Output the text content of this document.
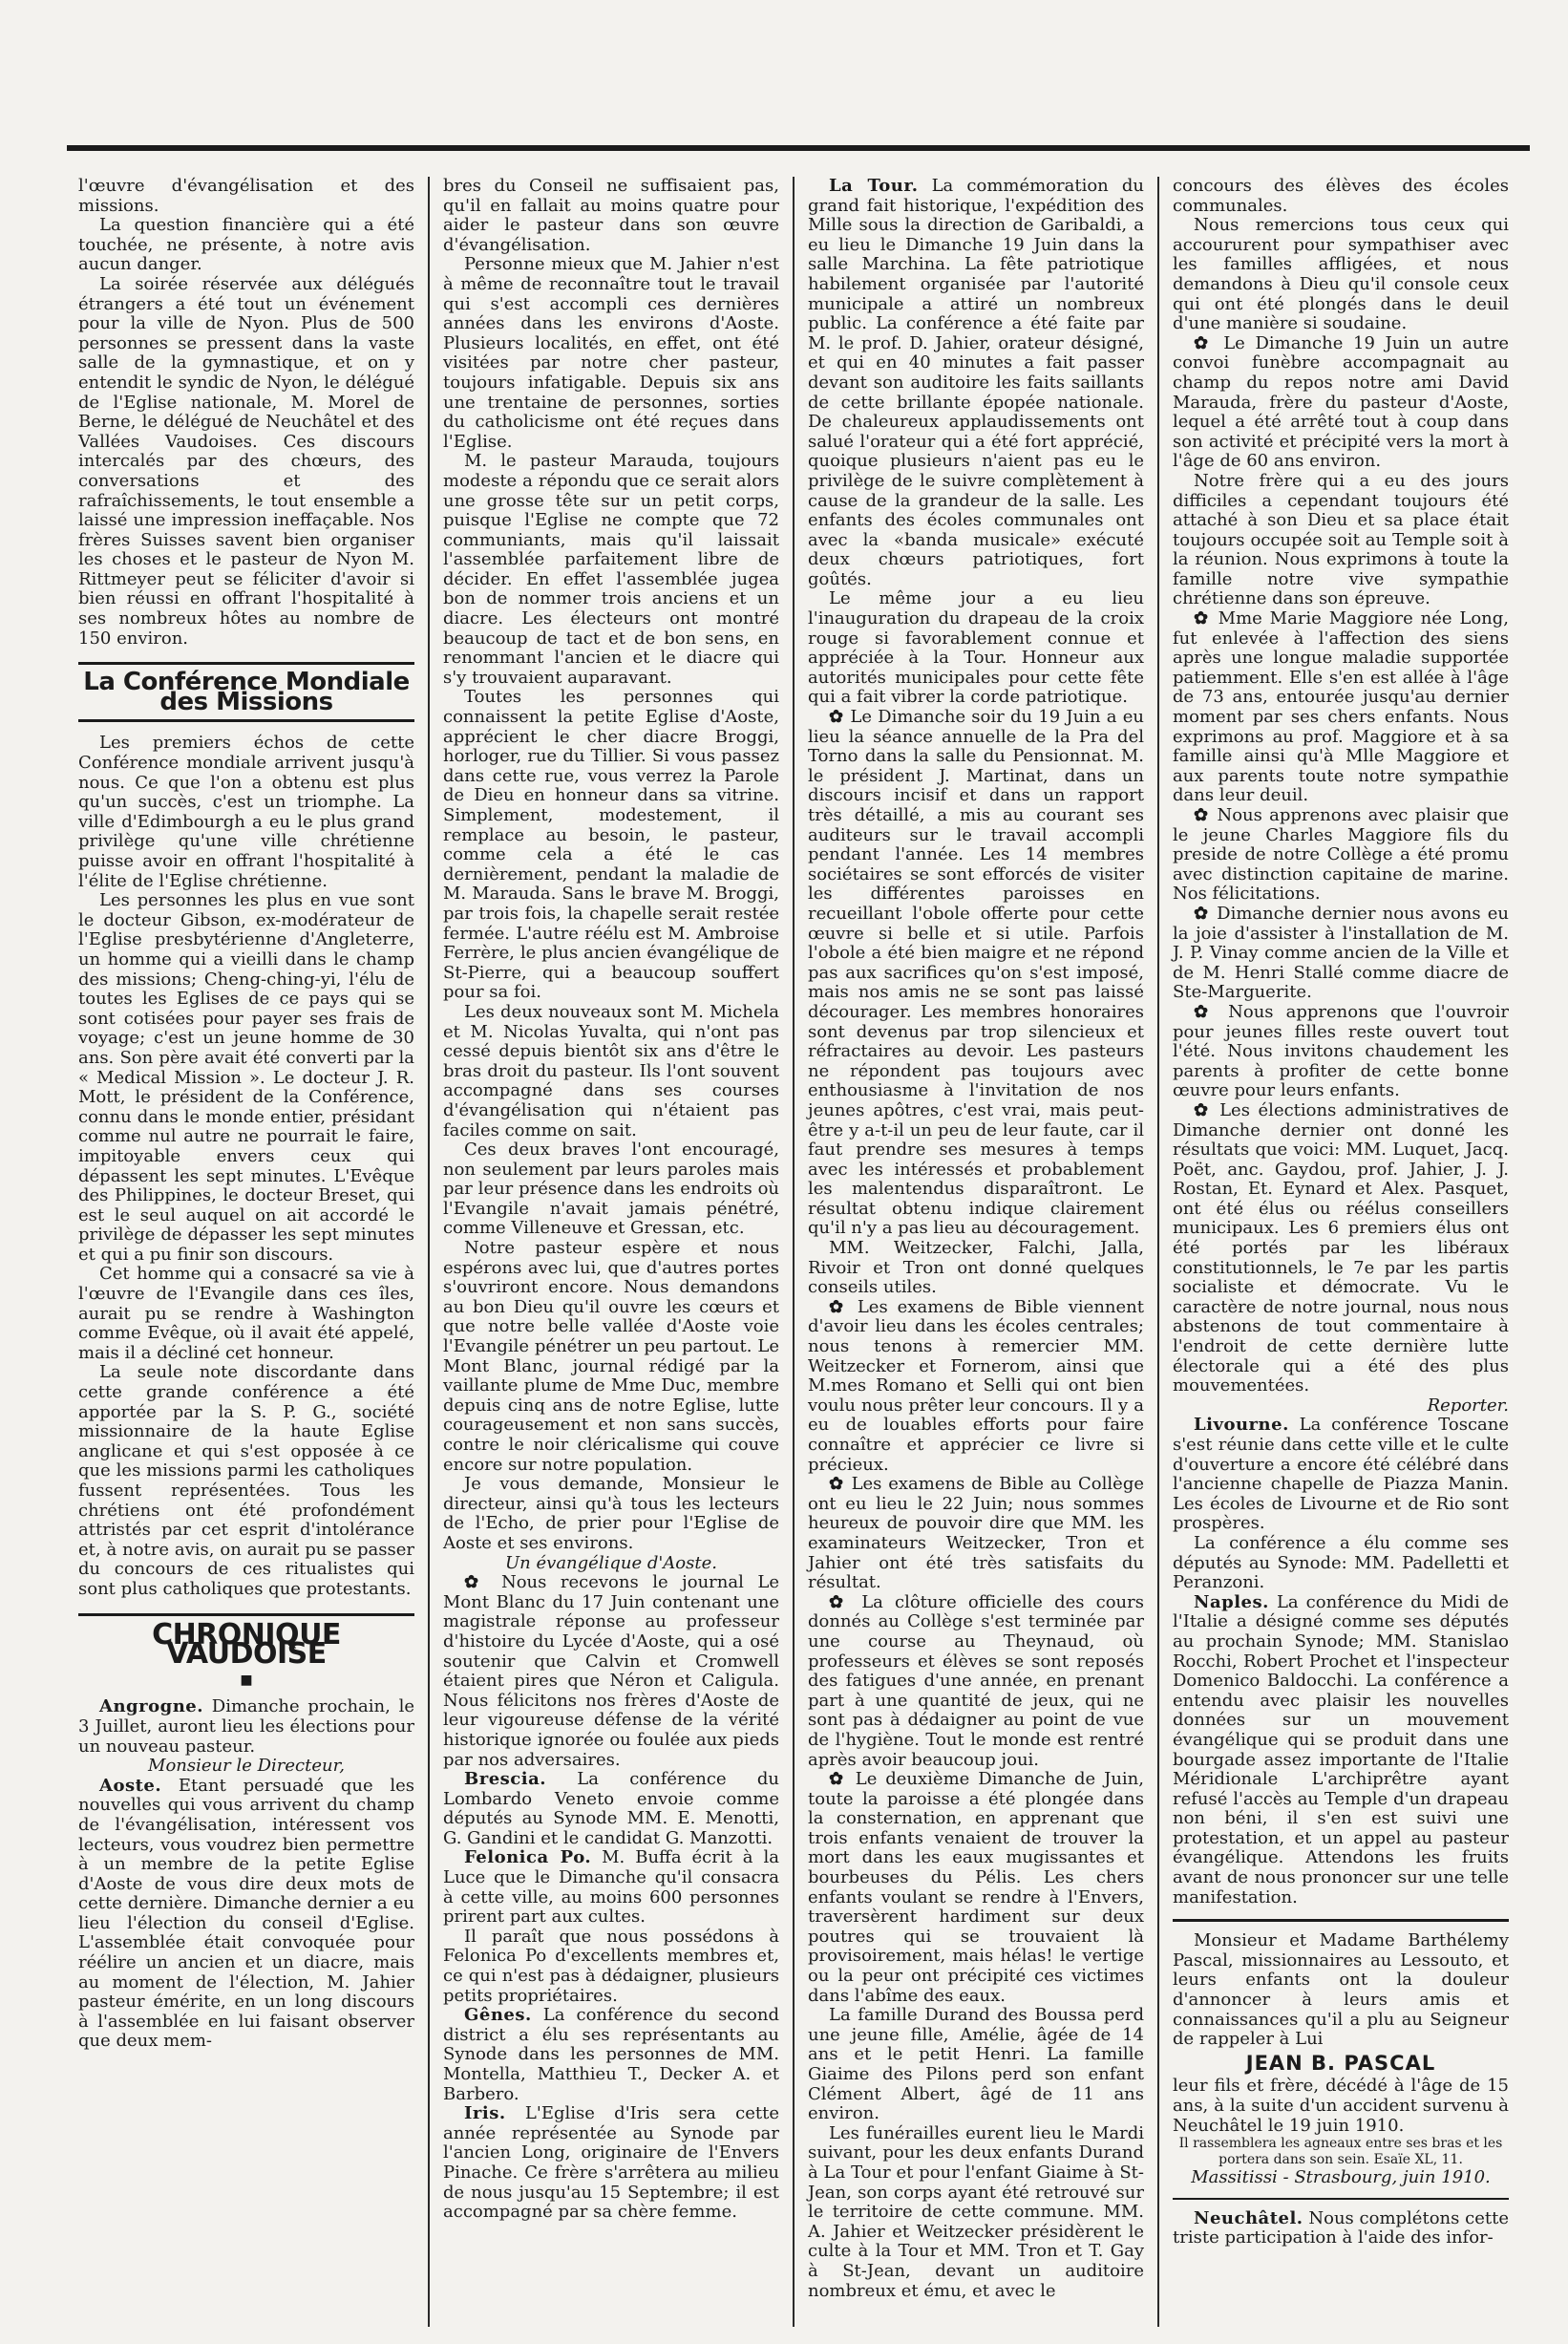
l'œuvre d'évangélisation et des missions.

La question financière qui a été touchée, ne présente, à notre avis aucun danger.

La soirée réservée aux délégués étrangers a été tout un événement pour la ville de Nyon. Plus de 500 personnes se pressent dans la vaste salle de la gymnastique, et on y entendit le syndic de Nyon, le délégué de l'Eglise nationale, M. Morel de Berne, le délégué de Neuchâtel et des Vallées Vaudoises. Ces discours intercalés par des chœurs, des conversations et des rafraîchissements, le tout ensemble a laissé une impression ineffaçable. Nos frères Suisses savent bien organiser les choses et le pasteur de Nyon M. Rittmeyer peut se féliciter d'avoir si bien réussi en offrant l'hospitalité à ses nombreux hôtes au nombre de 150 environ.

La Conférence Mondiale des Missions

Les premiers échos de cette Conférence mondiale arrivent jusqu'à nous. Ce que l'on a obtenu est plus qu'un succès, c'est un triomphe. La ville d'Edimbourgh a eu le plus grand privilège qu'une ville chrétienne puisse avoir en offrant l'hospitalité à l'élite de l'Eglise chrétienne.

Les personnes les plus en vue sont le docteur Gibson, ex-modérateur de l'Eglise presbytérienne d'Angleterre, un homme qui a vieilli dans le champ des missions; Cheng-ching-yi, l'élu de toutes les Eglises de ce pays qui se sont cotisées pour payer ses frais de voyage; c'est un jeune homme de 30 ans. Son père avait été converti par la « Medical Mission ». Le docteur J. R. Mott, le président de la Conférence, connu dans le monde entier, présidant comme nul autre ne pourrait le faire, impitoyable envers ceux qui dépassent les sept minutes. L'Evêque des Philippines, le docteur Breset, qui est le seul auquel on ait accordé le privilège de dépasser les sept minutes et qui a pu finir son discours.

Cet homme qui a consacré sa vie à l'œuvre de l'Evangile dans ces îles, aurait pu se rendre à Washington comme Evêque, où il avait été appelé, mais il a décliné cet honneur.

La seule note discordante dans cette grande conférence a été apportée par la S. P. G., société missionnaire de la haute Eglise anglicane et qui s'est opposée à ce que les missions parmi les catholiques fussent représentées. Tous les chrétiens ont été profondément attristés par cet esprit d'intolérance et, à notre avis, on aurait pu se passer du concours de ces ritualistes qui sont plus catholiques que protestants.

CHRONIQUE VAUDOISE
■

Angrogne. Dimanche prochain, le 3 Juillet, auront lieu les élections pour un nouveau pasteur.

Monsieur le Directeur,

Aoste. Etant persuadé que les nouvelles qui vous arrivent du champ de l'évangélisation, intéressent vos lecteurs, vous voudrez bien permettre à un membre de la petite Eglise d'Aoste de vous dire deux mots de cette dernière. Dimanche dernier a eu lieu l'élection du conseil d'Eglise. L'assemblée était convoquée pour réélire un ancien et un diacre, mais au moment de l'élection, M. Jahier pasteur émérite, en un long discours à l'assemblée en lui faisant observer que deux mem-

bres du Conseil ne suffisaient pas, qu'il en fallait au moins quatre pour aider le pasteur dans son œuvre d'évangélisation.

Personne mieux que M. Jahier n'est à même de reconnaître tout le travail qui s'est accompli ces dernières années dans les environs d'Aoste. Plusieurs localités, en effet, ont été visitées par notre cher pasteur, toujours infatigable. Depuis six ans une trentaine de personnes, sorties du catholicisme ont été reçues dans l'Eglise.

M. le pasteur Marauda, toujours modeste a répondu que ce serait alors une grosse tête sur un petit corps, puisque l'Eglise ne compte que 72 communiants, mais qu'il laissait l'assemblée parfaitement libre de décider. En effet l'assemblée jugea bon de nommer trois anciens et un diacre. Les électeurs ont montré beaucoup de tact et de bon sens, en renommant l'ancien et le diacre qui s'y trouvaient auparavant.

Toutes les personnes qui connaissent la petite Eglise d'Aoste, apprécient le cher diacre Broggi, horloger, rue du Tillier. Si vous passez dans cette rue, vous verrez la Parole de Dieu en honneur dans sa vitrine. Simplement, modestement, il remplace au besoin, le pasteur, comme cela a été le cas dernièrement, pendant la maladie de M. Marauda. Sans le brave M. Broggi, par trois fois, la chapelle serait restée fermée. L'autre réélu est M. Ambroise Ferrère, le plus ancien évangélique de St-Pierre, qui a beaucoup souffert pour sa foi.

Les deux nouveaux sont M. Michela et M. Nicolas Yuvalta, qui n'ont pas cessé depuis bientôt six ans d'être le bras droit du pasteur. Ils l'ont souvent accompagné dans ses courses d'évangélisation qui n'étaient pas faciles comme on sait.

Ces deux braves l'ont encouragé, non seulement par leurs paroles mais par leur présence dans les endroits où l'Evangile n'avait jamais pénétré, comme Villeneuve et Gressan, etc.

Notre pasteur espère et nous espérons avec lui, que d'autres portes s'ouvriront encore. Nous demandons au bon Dieu qu'il ouvre les cœurs et que notre belle vallée d'Aoste voie l'Evangile pénétrer un peu partout. Le Mont Blanc, journal rédigé par la vaillante plume de Mme Duc, membre depuis cinq ans de notre Eglise, lutte courageusement et non sans succès, contre le noir cléricalisme qui couve encore sur notre population.

Je vous demande, Monsieur le directeur, ainsi qu'à tous les lecteurs de l'Echo, de prier pour l'Eglise de Aoste et ses environs.

Un évangélique d'Aoste.

✿ Nous recevons le journal Le Mont Blanc du 17 Juin contenant une magistrale réponse au professeur d'histoire du Lycée d'Aoste, qui a osé soutenir que Calvin et Cromwell étaient pires que Néron et Caligula. Nous félicitons nos frères d'Aoste de leur vigoureuse défense de la vérité historique ignorée ou foulée aux pieds par nos adversaires.

Brescia. La conférence du Lombardo Veneto envoie comme députés au Synode MM. E. Menotti, G. Gandini et le candidat G. Manzotti.

Felonica Po. M. Buffa écrit à la Luce que le Dimanche qu'il consacra à cette ville, au moins 600 personnes prirent part aux cultes.

Il paraît que nous possédons à Felonica Po d'excellents membres et, ce qui n'est pas à dédaigner, plusieurs petits propriétaires.

Gênes. La conférence du second district a élu ses représentants au Synode dans les personnes de MM. Montella, Matthieu T., Decker A. et Barbero.

Iris. L'Eglise d'Iris sera cette année représentée au Synode par l'ancien Long, originaire de l'Envers Pinache. Ce frère s'arrêtera au milieu de nous jusqu'au 15 Septembre; il est accompagné par sa chère femme.

La Tour. La commémoration du grand fait historique, l'expédition des Mille sous la direction de Garibaldi, a eu lieu le Dimanche 19 Juin dans la salle Marchina. La fête patriotique habilement organisée par l'autorité municipale a attiré un nombreux public. La conférence a été faite par M. le prof. D. Jahier, orateur désigné, et qui en 40 minutes a fait passer devant son auditoire les faits saillants de cette brillante épopée nationale. De chaleureux applaudissements ont salué l'orateur qui a été fort apprécié, quoique plusieurs n'aient pas eu le privilège de le suivre complètement à cause de la grandeur de la salle. Les enfants des écoles communales ont avec la «banda musicale» exécuté deux chœurs patriotiques, fort goûtés.

Le même jour a eu lieu l'inauguration du drapeau de la croix rouge si favorablement connue et appréciée à la Tour. Honneur aux autorités municipales pour cette fête qui a fait vibrer la corde patriotique.

✿ Le Dimanche soir du 19 Juin a eu lieu la séance annuelle de la Pra del Torno dans la salle du Pensionnat. M. le président J. Martinat, dans un discours incisif et dans un rapport très détaillé, a mis au courant ses auditeurs sur le travail accompli pendant l'année. Les 14 membres sociétaires se sont efforcés de visiter les différentes paroisses en recueillant l'obole offerte pour cette œuvre si belle et si utile. Parfois l'obole a été bien maigre et ne répond pas aux sacrifices qu'on s'est imposé, mais nos amis ne se sont pas laissé décourager. Les membres honoraires sont devenus par trop silencieux et réfractaires au devoir. Les pasteurs ne répondent pas toujours avec enthousiasme à l'invitation de nos jeunes apôtres, c'est vrai, mais peut-être y a-t-il un peu de leur faute, car il faut prendre ses mesures à temps avec les intéressés et probablement les malentendus disparaîtront. Le résultat obtenu indique clairement qu'il n'y a pas lieu au découragement.

MM. Weitzecker, Falchi, Jalla, Rivoir et Tron ont donné quelques conseils utiles.

✿ Les examens de Bible viennent d'avoir lieu dans les écoles centrales; nous tenons à remercier MM. Weitzecker et Fornerom, ainsi que M.mes Romano et Selli qui ont bien voulu nous prêter leur concours. Il y a eu de louables efforts pour faire connaître et apprécier ce livre si précieux.

✿ Les examens de Bible au Collège ont eu lieu le 22 Juin; nous sommes heureux de pouvoir dire que MM. les examinateurs Weitzecker, Tron et Jahier ont été très satisfaits du résultat.

✿ La clôture officielle des cours donnés au Collège s'est terminée par une course au Theynaud, où professeurs et élèves se sont reposés des fatigues d'une année, en prenant part à une quantité de jeux, qui ne sont pas à dédaigner au point de vue de l'hygiène. Tout le monde est rentré après avoir beaucoup joui.

✿ Le deuxième Dimanche de Juin, toute la paroisse a été plongée dans la consternation, en apprenant que trois enfants venaient de trouver la mort dans les eaux mugissantes et bourbeuses du Pélis. Les chers enfants voulant se rendre à l'Envers, traversèrent hardiment sur deux poutres qui se trouvaient là provisoirement, mais hélas! le vertige ou la peur ont précipité ces victimes dans l'abîme des eaux.

La famille Durand des Boussa perd une jeune fille, Amélie, âgée de 14 ans et le petit Henri. La famille Giaime des Pilons perd son enfant Clément Albert, âgé de 11 ans environ.

Les funérailles eurent lieu le Mardi suivant, pour les deux enfants Durand à La Tour et pour l'enfant Giaime à St-Jean, son corps ayant été retrouvé sur le territoire de cette commune. MM. A. Jahier et Weitzecker présidèrent le culte à la Tour et MM. Tron et T. Gay à St-Jean, devant un auditoire nombreux et ému, et avec le

concours des élèves des écoles communales.

Nous remercions tous ceux qui accoururent pour sympathiser avec les familles affligées, et nous demandons à Dieu qu'il console ceux qui ont été plongés dans le deuil d'une manière si soudaine.

✿ Le Dimanche 19 Juin un autre convoi funèbre accompagnait au champ du repos notre ami David Marauda, frère du pasteur d'Aoste, lequel a été arrêté tout à coup dans son activité et précipité vers la mort à l'âge de 60 ans environ.

Notre frère qui a eu des jours difficiles a cependant toujours été attaché à son Dieu et sa place était toujours occupée soit au Temple soit à la réunion. Nous exprimons à toute la famille notre vive sympathie chrétienne dans son épreuve.

✿ Mme Marie Maggiore née Long, fut enlevée à l'affection des siens après une longue maladie supportée patiemment. Elle s'en est allée à l'âge de 73 ans, entourée jusqu'au dernier moment par ses chers enfants. Nous exprimons au prof. Maggiore et à sa famille ainsi qu'à Mlle Maggiore et aux parents toute notre sympathie dans leur deuil.

✿ Nous apprenons avec plaisir que le jeune Charles Maggiore fils du preside de notre Collège a été promu avec distinction capitaine de marine. Nos félicitations.

✿ Dimanche dernier nous avons eu la joie d'assister à l'installation de M. J. P. Vinay comme ancien de la Ville et de M. Henri Stallé comme diacre de Ste-Marguerite.

✿ Nous apprenons que l'ouvroir pour jeunes filles reste ouvert tout l'été. Nous invitons chaudement les parents à profiter de cette bonne œuvre pour leurs enfants.

✿ Les élections administratives de Dimanche dernier ont donné les résultats que voici: MM. Luquet, Jacq. Poët, anc. Gaydou, prof. Jahier, J. J. Rostan, Et. Eynard et Alex. Pasquet, ont été élus ou réélus conseillers municipaux. Les 6 premiers élus ont été portés par les libéraux constitutionnels, le 7e par les partis socialiste et démocrate. Vu le caractère de notre journal, nous nous abstenons de tout commentaire à l'endroit de cette dernière lutte électorale qui a été des plus mouvementées.

Reporter.

Livourne. La conférence Toscane s'est réunie dans cette ville et le culte d'ouverture a encore été célébré dans l'ancienne chapelle de Piazza Manin. Les écoles de Livourne et de Rio sont prospères.

La conférence a élu comme ses députés au Synode: MM. Padelletti et Peranzoni.

Naples. La conférence du Midi de l'Italie a désigné comme ses députés au prochain Synode; MM. Stanislao Rocchi, Robert Prochet et l'inspecteur Domenico Baldocchi. La conférence a entendu avec plaisir les nouvelles données sur un mouvement évangélique qui se produit dans une bourgade assez importante de l'Italie Méridionale L'archiprêtre ayant refusé l'accès au Temple d'un drapeau non béni, il s'en est suivi une protestation, et un appel au pasteur évangélique. Attendons les fruits avant de nous prononcer sur une telle manifestation.

Monsieur et Madame Barthélemy Pascal, missionnaires au Lessouto, et leurs enfants ont la douleur d'annoncer à leurs amis et connaissances qu'il a plu au Seigneur de rappeler à Lui

JEAN B. PASCAL

leur fils et frère, décédé à l'âge de 15 ans, à la suite d'un accident survenu à Neuchâtel le 19 juin 1910.

Il rassemblera les agneaux entre ses bras et les portera dans son sein. Esaïe XL, 11.

Massitissi - Strasbourg, juin 1910.

Neuchâtel. Nous complétons cette triste participation à l'aide des infor-
